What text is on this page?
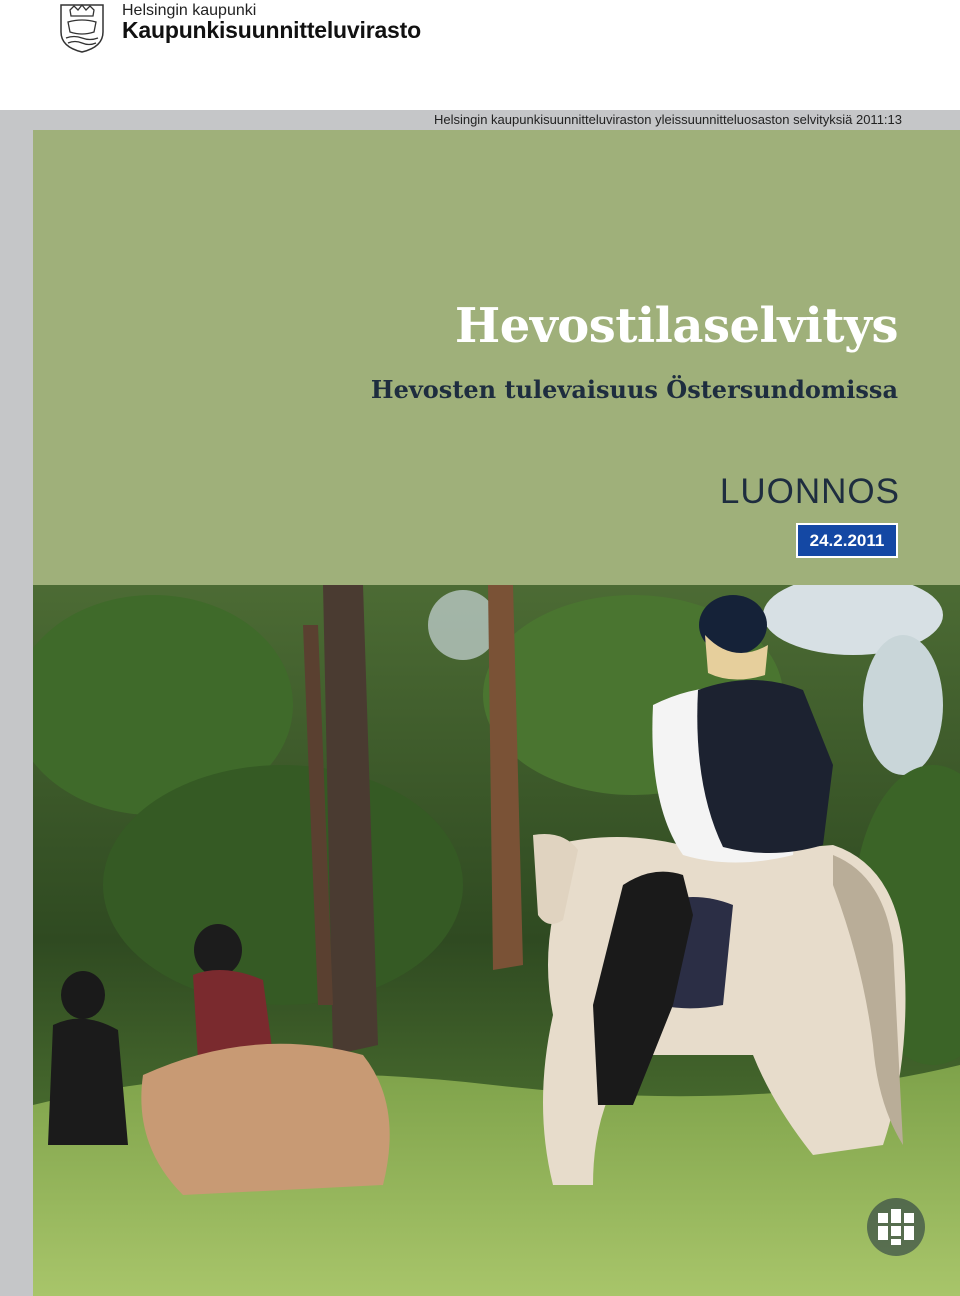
Helsingin kaupunki
Kaupunkisuunnitteluvirasto
Helsingin kaupunkisuunnitteluviraston yleissuunnitteluosaston selvityksiä 2011:13
Hevostilaselvitys
Hevosten tulevaisuus Östersundomissa
LUONNOS
24.2.2011
